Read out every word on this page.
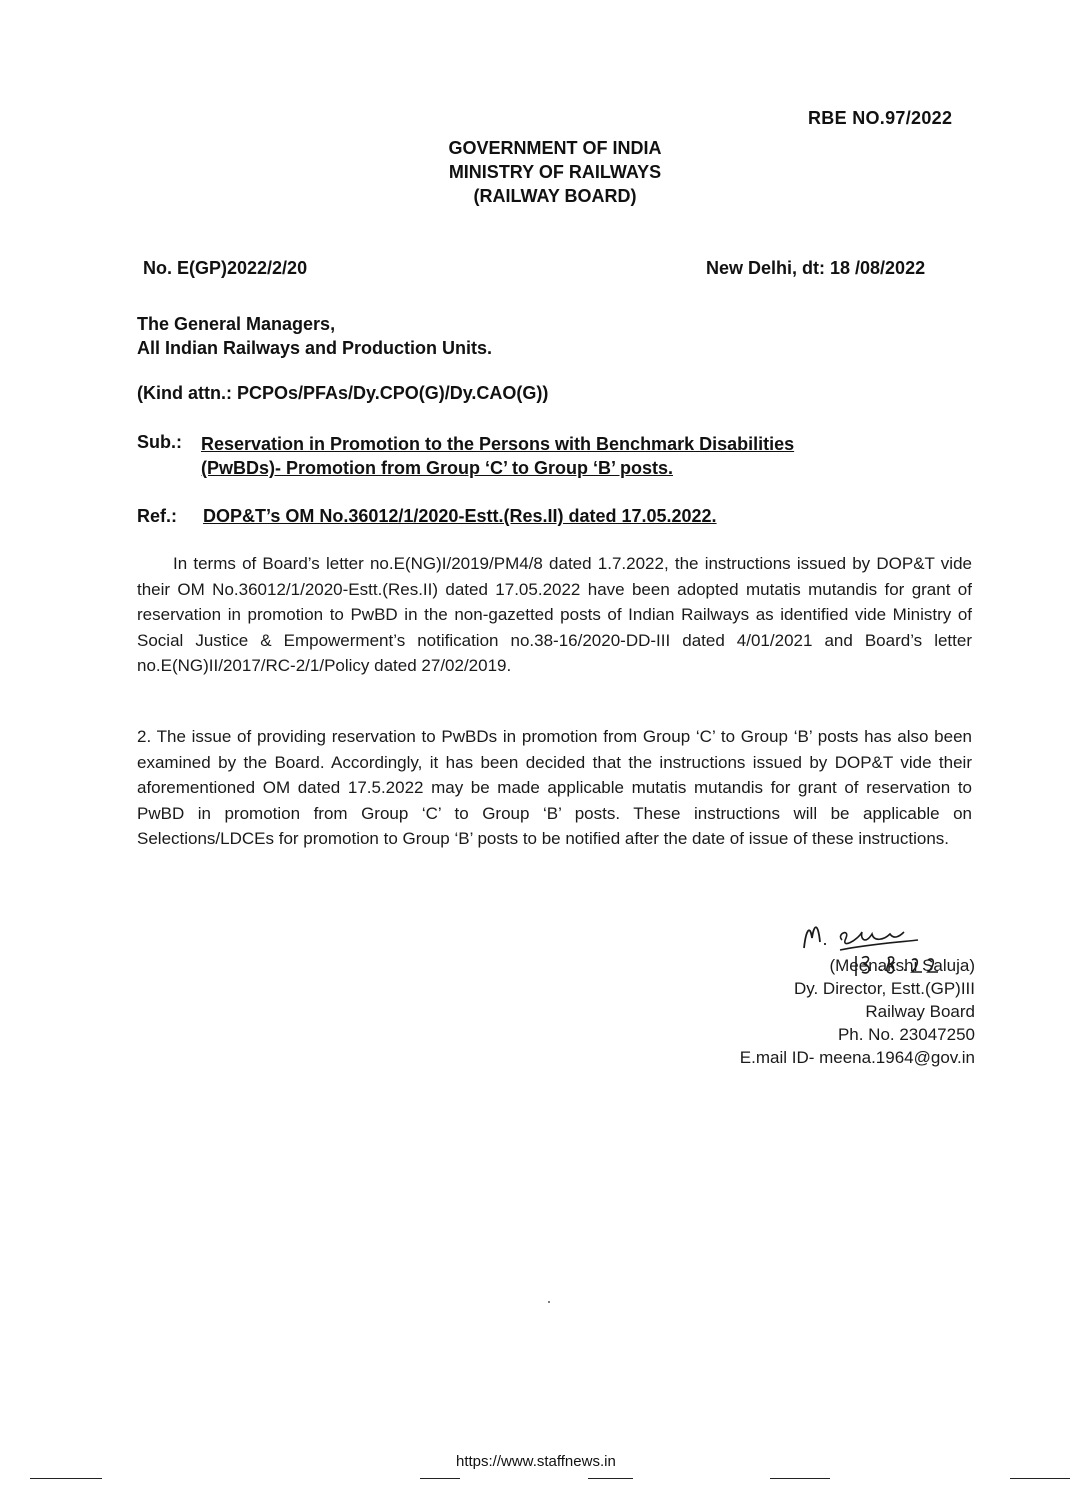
RBE NO.97/2022
GOVERNMENT OF INDIA
MINISTRY OF RAILWAYS
(RAILWAY BOARD)
No. E(GP)2022/2/20	New Delhi, dt: 18 /08/2022
The General Managers,
All Indian Railways and Production Units.
(Kind attn.: PCPOs/PFAs/Dy.CPO(G)/Dy.CAO(G))
Sub.: Reservation in Promotion to the Persons with Benchmark Disabilities
(PwBDs)- Promotion from Group ‘C’ to Group ‘B’ posts.
Ref.: DOP&T’s OM No.36012/1/2020-Estt.(Res.II) dated 17.05.2022.
In terms of Board’s letter no.E(NG)I/2019/PM4/8 dated 1.7.2022, the instructions issued by DOP&T vide their OM No.36012/1/2020-Estt.(Res.II) dated 17.05.2022 have been adopted mutatis mutandis for grant of reservation in promotion to PwBD in the non-gazetted posts of Indian Railways as identified vide Ministry of Social Justice & Empowerment’s notification no.38-16/2020-DD-III dated 4/01/2021 and Board’s letter no.E(NG)II/2017/RC-2/1/Policy dated 27/02/2019.
2. The issue of providing reservation to PwBDs in promotion from Group ‘C’ to Group ‘B’ posts has also been examined by the Board. Accordingly, it has been decided that the instructions issued by DOP&T vide their aforementioned OM dated 17.5.2022 may be made applicable mutatis mutandis for grant of reservation to PwBD in promotion from Group ‘C’ to Group ‘B’ posts. These instructions will be applicable on Selections/LDCEs for promotion to Group ‘B’ posts to be notified after the date of issue of these instructions.
(Meenakshi Saluja)
Dy. Director, Estt.(GP)III
Railway Board
Ph. No. 23047250
E.mail ID- meena.1964@gov.in
https://www.staffnews.in
